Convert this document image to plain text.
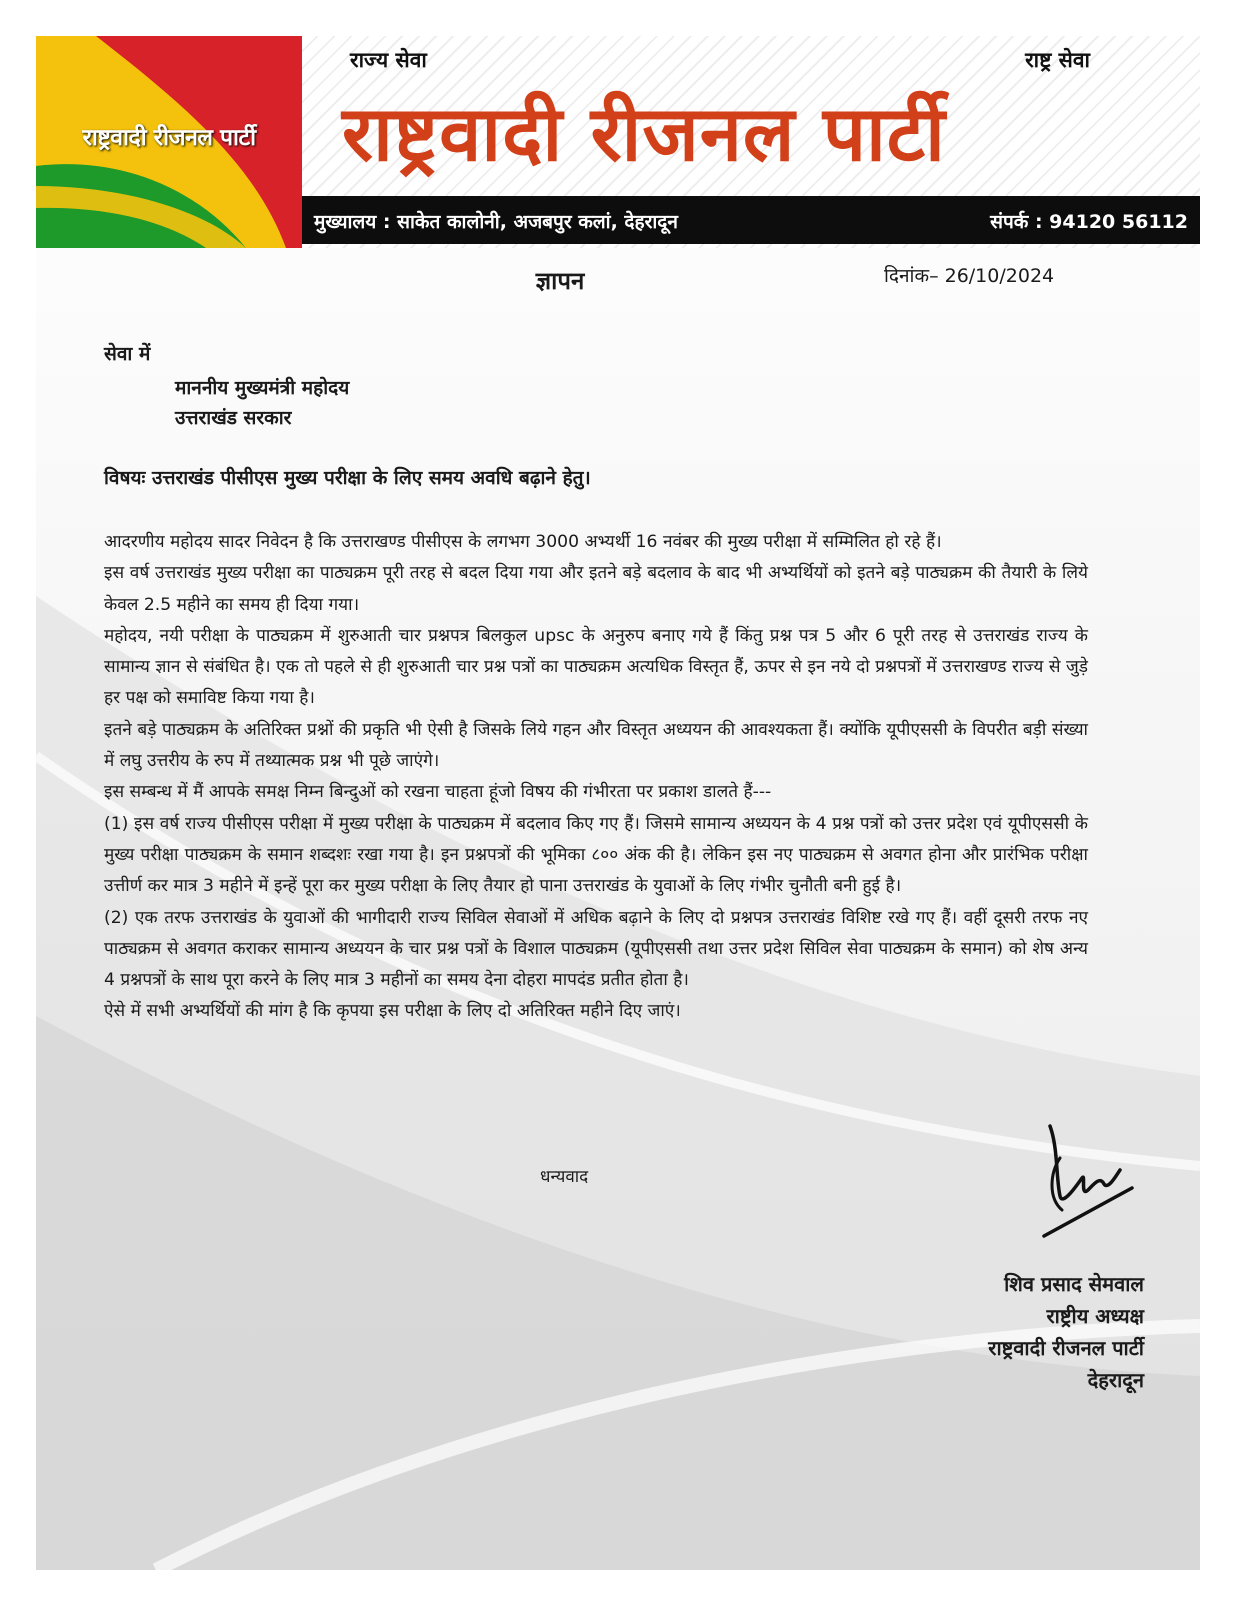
राष्ट्रवादी रीजनल पार्टी
राज्य सेवा	राष्ट्र सेवा
राष्ट्रवादी रीजनल पार्टी
मुख्यालय : साकेत कालोनी, अजबपुर कलां, देहरादून	संपर्क : 94120 56112
ज्ञापन	दिनांक– 26/10/2024
सेवा में
माननीय मुख्यमंत्री महोदय
उत्तराखंड सरकार
विषयः उत्तराखंड पीसीएस मुख्य परीक्षा के लिए समय अवधि बढ़ाने हेतु।

आदरणीय महोदय सादर निवेदन है कि उत्तराखण्ड पीसीएस के लगभग 3000 अभ्यर्थी 16 नवंबर की मुख्य परीक्षा में सम्मिलित हो रहे हैं।

इस वर्ष उत्तराखंड मुख्य परीक्षा का पाठ्यक्रम पूरी तरह से बदल दिया गया और इतने बड़े बदलाव के बाद भी अभ्यर्थियों को इतने बड़े पाठ्यक्रम की तैयारी के लिये केवल 2.5 महीने का समय ही दिया गया।

महोदय, नयी परीक्षा के पाठ्यक्रम में शुरुआती चार प्रश्नपत्र बिलकुल upsc के अनुरुप बनाए गये हैं किंतु प्रश्न पत्र 5 और 6 पूरी तरह से उत्तराखंड राज्य के सामान्य ज्ञान से संबंधित है। एक तो पहले से ही शुरुआती चार प्रश्न पत्रों का पाठ्यक्रम अत्यधिक विस्तृत हैं, ऊपर से इन नये दो प्रश्नपत्रों में उत्तराखण्ड राज्य से जुड़े हर पक्ष को समाविष्ट किया गया है।

इतने बड़े पाठ्यक्रम के अतिरिक्त प्रश्नों की प्रकृति भी ऐसी है जिसके लिये गहन और विस्तृत अध्ययन की आवश्यकता हैं। क्योंकि यूपीएससी के विपरीत बड़ी संख्या में लघु उत्तरीय के रुप में तथ्यात्मक प्रश्न भी पूछे जाएंगे।

इस सम्बन्ध में मैं आपके समक्ष निम्न बिन्दुओं को रखना चाहता हूंजो विषय की गंभीरता पर प्रकाश डालते हैं---

(1) इस वर्ष राज्य पीसीएस परीक्षा में मुख्य परीक्षा के पाठ्यक्रम में बदलाव किए गए हैं। जिसमे सामान्य अध्ययन के 4 प्रश्न पत्रों को उत्तर प्रदेश एवं यूपीएससी के मुख्य परीक्षा पाठ्यक्रम के समान शब्दशः रखा गया है। इन प्रश्नपत्रों की भूमिका ८०० अंक की है। लेकिन इस नए पाठ्यक्रम से अवगत होना और प्रारंभिक परीक्षा उत्तीर्ण कर मात्र 3 महीने में इन्हें पूरा कर मुख्य परीक्षा के लिए तैयार हो पाना उत्तराखंड के युवाओं के लिए गंभीर चुनौती बनी हुई है।

(2) एक तरफ उत्तराखंड के युवाओं की भागीदारी राज्य सिविल सेवाओं में अधिक बढ़ाने के लिए दो प्रश्नपत्र उत्तराखंड विशिष्ट रखे गए हैं। वहीं दूसरी तरफ नए पाठ्यक्रम से अवगत कराकर सामान्य अध्ययन के चार प्रश्न पत्रों के विशाल पाठ्यक्रम (यूपीएससी तथा उत्तर प्रदेश सिविल सेवा पाठ्यक्रम के समान) को शेष अन्य 4 प्रश्नपत्रों के साथ पूरा करने के लिए मात्र 3 महीनों का समय देना दोहरा मापदंड प्रतीत होता है।

ऐसे में सभी अभ्यर्थियों की मांग है कि कृपया इस परीक्षा के लिए दो अतिरिक्त महीने दिए जाएं।

धन्यवाद
शिव प्रसाद सेमवाल
राष्ट्रीय अध्यक्ष
राष्ट्रवादी रीजनल पार्टी
देहरादून
